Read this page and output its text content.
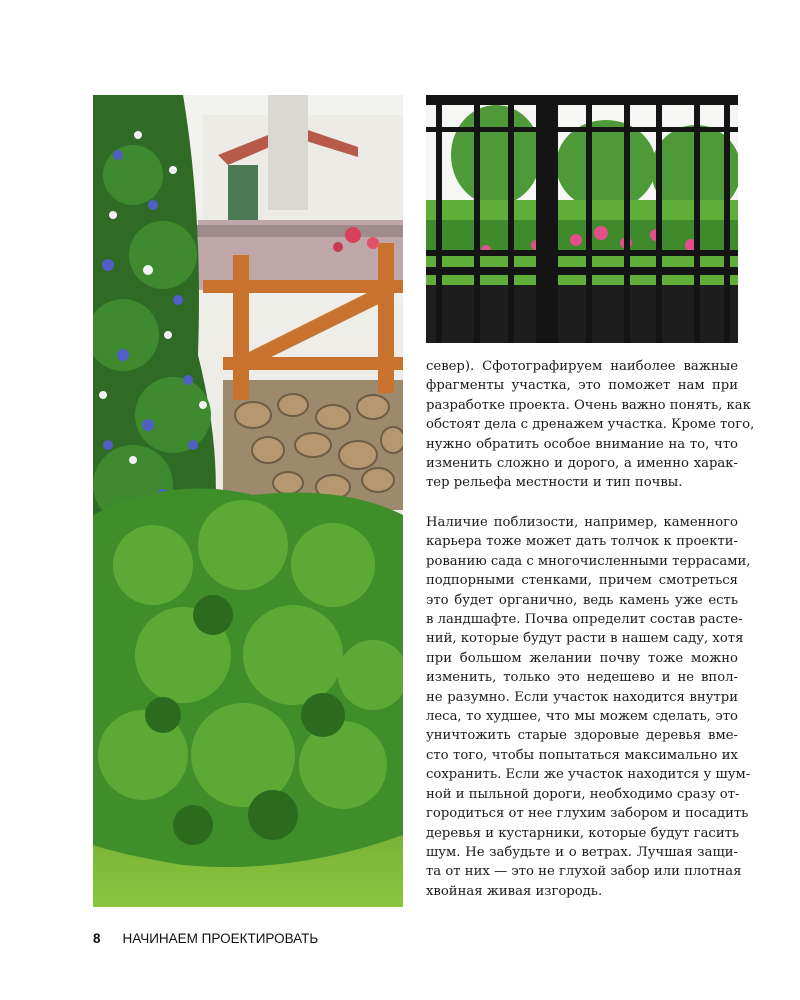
север). Сфотографируем наиболее важные
фрагменты участка, это поможет нам при
разработке проекта. Очень важно понять, как
обстоят дела с дренажем участка. Кроме того,
нужно обратить особое внимание на то, что
изменить сложно и дорого, а именно харак-
тер рельефа местности и тип почвы.

Наличие поблизости, например, каменного
карьера тоже может дать толчок к проекти-
рованию сада с многочисленными террасами,
подпорными стенками, причем смотреться
это будет органично, ведь камень уже есть
в ландшафте. Почва определит состав расте-
ний, которые будут расти в нашем саду, хотя
при большом желании почву тоже можно
изменить, только это недешево и не впол-
не разумно. Если участок находится внутри
леса, то худшее, что мы можем сделать, это
уничтожить старые здоровые деревья вме-
сто того, чтобы попытаться максимально их
сохранить. Если же участок находится у шум-
ной и пыльной дороги, необходимо сразу от-
городиться от нее глухим забором и посадить
деревья и кустарники, которые будут гасить
шум. Не забудьте и о ветрах. Лучшая защи-
та от них — это не глухой забор или плотная
хвойная живая изгородь.

8 НАЧИНАЕМ ПРОЕКТИРОВАТЬ
